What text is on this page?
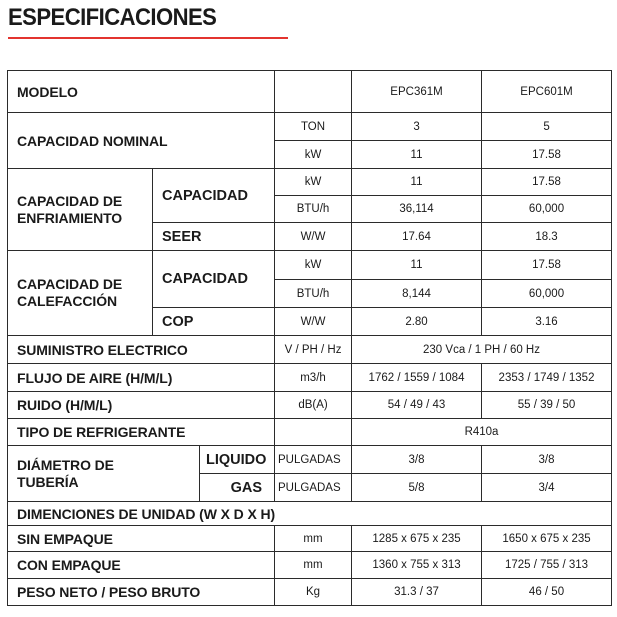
ESPECIFICACIONES
MODELO				EPC361M	EPC601M
CAPACIDAD NOMINAL			TON	3	5
			kW	11	17.58
CAPACIDAD DE
ENFRIAMIENTO	CAPACIDAD		kW	11	17.58
			BTU/h	36,114	60,000
	SEER		W/W	17.64	18.3
CAPACIDAD DE
CALEFACCIÓN	CAPACIDAD		kW	11	17.58
			BTU/h	8,144	60,000
	COP		W/W	2.80	3.16
SUMINISTRO ELECTRICO			V / PH / Hz	230 Vca / 1 PH / 60 Hz	
FLUJO DE AIRE (H/M/L)			m3/h	1762 / 1559 / 1084	2353 / 1749 / 1352
RUIDO (H/M/L)			dB(A)	54 / 49 / 43	55 / 39 / 50
TIPO DE REFRIGERANTE				R410a	
DIÁMETRO DE
TUBERÍA		LIQUIDO	PULGADAS	3/8	3/8
		GAS	PULGADAS	5/8	3/4
DIMENCIONES DE UNIDAD (W X D X H)					
SIN EMPAQUE			mm	1285 x 675 x 235	1650 x 675 x 235
CON EMPAQUE			mm	1360 x 755 x 313	1725 / 755 / 313
PESO NETO / PESO BRUTO			Kg	31.3 / 37	46 / 50
